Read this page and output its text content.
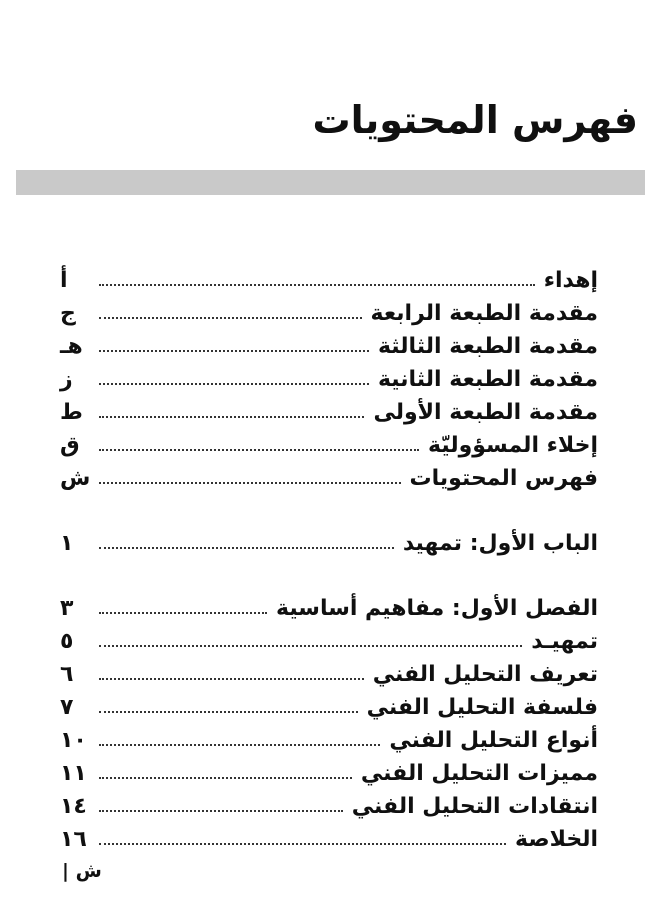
فهرس المحتويات
إهداء
أ
مقدمة الطبعة الرابعة
ج
مقدمة الطبعة الثالثة
هـ
مقدمة الطبعة الثانية
ز
مقدمة الطبعة الأولى
ط
إخلاء المسؤوليّة
ق
فهرس المحتويات
ش
الباب الأول: تمهيد
١
الفصل الأول: مفاهيم أساسية
٣
تمهيـد
٥
تعريف التحليل الفني
٦
فلسفة التحليل الفني
٧
أنواع التحليل الفني
١٠
مميزات التحليل الفني
١١
انتقادات التحليل الفني
١٤
الخلاصة
١٦
| ش
